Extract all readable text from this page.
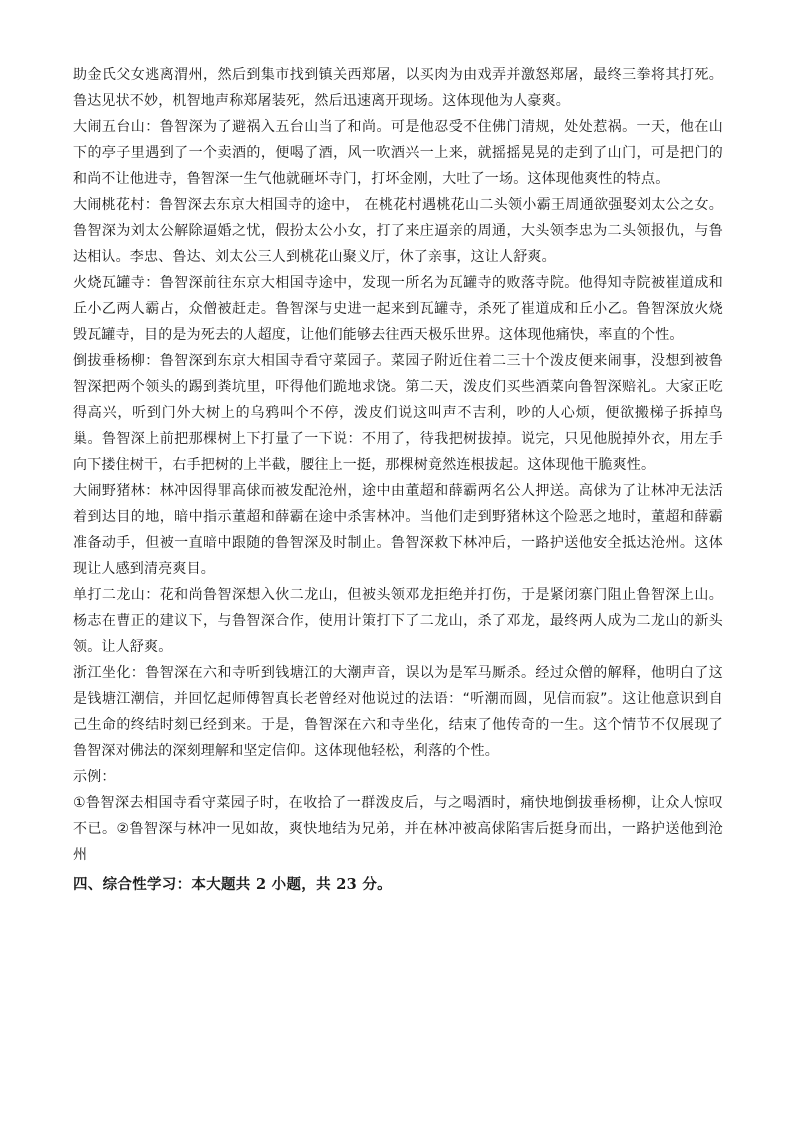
助金氏父女逃离渭州，然后到集市找到镇关西郑屠，以买肉为由戏弄并激怒郑屠，最终三拳将其打死。鲁达见状不妙，机智地声称郑屠装死，然后迅速离开现场。这体现他为人豪爽。

大闹五台山：鲁智深为了避祸入五台山当了和尚。可是他忍受不住佛门清规，处处惹祸。一天，他在山下的亭子里遇到了一个卖酒的，便喝了酒，风一吹酒兴一上来，就摇摇晃晃的走到了山门，可是把门的和尚不让他进寺，鲁智深一生气他就砸坏寺门，打坏金刚，大吐了一场。这体现他爽性的特点。

大闹桃花村：鲁智深去东京大相国寺的途中， 在桃花村遇桃花山二头领小霸王周通欲强娶刘太公之女。鲁智深为刘太公解除逼婚之忧，假扮太公小女，打了来庄逼亲的周通，大头领李忠为二头领报仇，与鲁达相认。李忠、鲁达、刘太公三人到桃花山聚义厅，休了亲事，这让人舒爽。

火烧瓦罐寺：鲁智深前往东京大相国寺途中，发现一所名为瓦罐寺的败落寺院。他得知寺院被崔道成和丘小乙两人霸占，众僧被赶走。鲁智深与史进一起来到瓦罐寺，杀死了崔道成和丘小乙。鲁智深放火烧毁瓦罐寺，目的是为死去的人超度，让他们能够去往西天极乐世界。这体现他痛快，率直的个性。

倒拔垂杨柳：鲁智深到东京大相国寺看守菜园子。菜园子附近住着二三十个泼皮便来闹事，没想到被鲁智深把两个领头的踢到粪坑里，吓得他们跪地求饶。第二天，泼皮们买些酒菜向鲁智深赔礼。大家正吃得高兴，听到门外大树上的乌鸦叫个不停，泼皮们说这叫声不吉利，吵的人心烦，便欲搬梯子拆掉鸟巢。鲁智深上前把那棵树上下打量了一下说：不用了，待我把树拔掉。说完，只见他脱掉外衣，用左手向下搂住树干，右手把树的上半截，腰往上一挺，那棵树竟然连根拔起。这体现他干脆爽性。

大闹野猪林：林冲因得罪高俅而被发配沧州，途中由董超和薛霸两名公人押送。高俅为了让林冲无法活着到达目的地，暗中指示董超和薛霸在途中杀害林冲。当他们走到野猪林这个险恶之地时，董超和薛霸准备动手，但被一直暗中跟随的鲁智深及时制止。鲁智深救下林冲后，一路护送他安全抵达沧州。这体现让人感到清亮爽目。

单打二龙山：花和尚鲁智深想入伙二龙山，但被头领邓龙拒绝并打伤，于是紧闭寨门阻止鲁智深上山。杨志在曹正的建议下，与鲁智深合作，使用计策打下了二龙山，杀了邓龙，最终两人成为二龙山的新头领。让人舒爽。

浙江坐化：鲁智深在六和寺听到钱塘江的大潮声音，误以为是军马厮杀。经过众僧的解释，他明白了这是钱塘江潮信，并回忆起师傅智真长老曾经对他说过的法语：“听潮而圆，见信而寂”。这让他意识到自己生命的终结时刻已经到来。于是，鲁智深在六和寺坐化，结束了他传奇的一生。这个情节不仅展现了鲁智深对佛法的深刻理解和坚定信仰。这体现他轻松，利落的个性。

示例：

①鲁智深去相国寺看守菜园子时，在收拾了一群泼皮后，与之喝酒时，痛快地倒拔垂杨柳，让众人惊叹不已。②鲁智深与林冲一见如故，爽快地结为兄弟，并在林冲被高俅陷害后挺身而出，一路护送他到沧州

四、综合性学习：本大题共 2 小题，共 23 分。
